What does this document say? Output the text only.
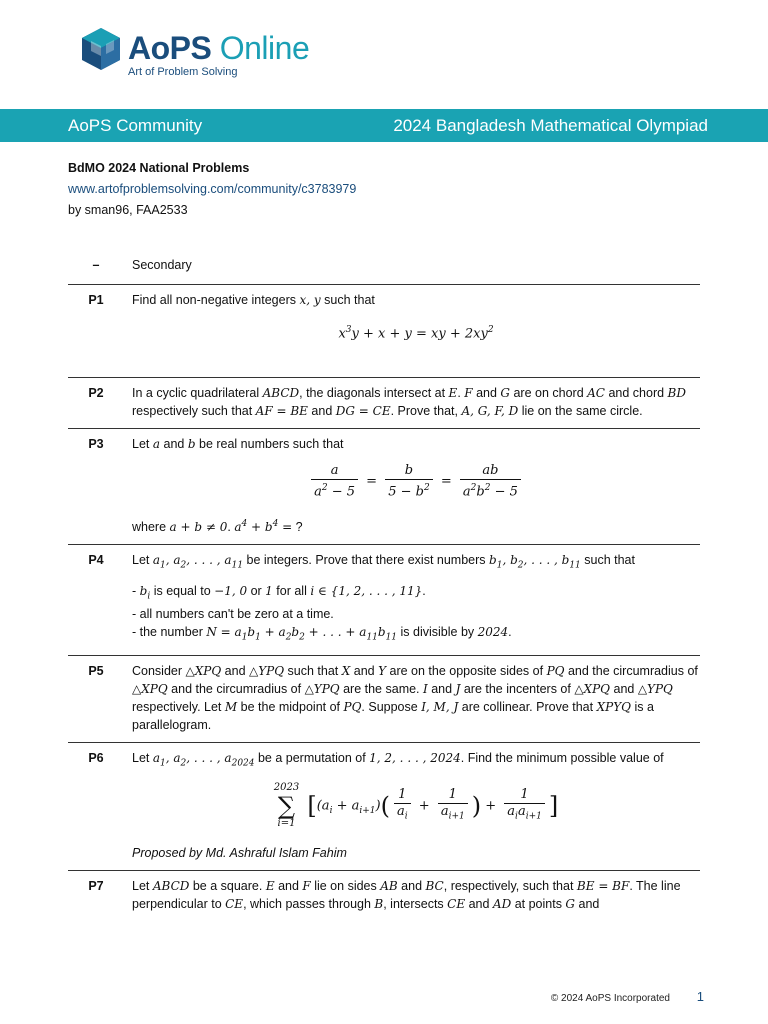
AoPS Online
Art of Problem Solving
AoPS Community	2024 Bangladesh Mathematical Olympiad
BdMO 2024 National Problems
www.artofproblemsolving.com/community/c3783979
by sman96, FAA2533
–	Secondary
P1	Find all non-negative integers x, y such that

$x^3y + x + y$ = xy + $2xy^2$
P2	In a cyclic quadrilateral ABCD, the diagonals intersect at E. F and G are on chord AC and chord BD respectively such that AF = BE and DG = CE. Prove that, A, G, F, D lie on the same circle.

P3	Let a and b be real numbers such that

$\frac{a}{a^2 - 5} = \frac{b}{5 - b^2} = \frac{ab}{a^2b^2 - 5}$

where a + b ≠ 0. $a^4 + b^4$ = ?

P4	Let $a_1$, $a_2$, . . . , $a_{11}$ be integers. Prove that there exist numbers $b_1$, $b_2$, . . . , $b_{11}$ such that

- $b_i$ is equal to −1, 0 or 1 for all i ∈ {1, 2, . . . , 11}.

- all numbers can't be zero at a time.

- the number $N = a_1b_1 + a_2b_2$ + . . . + $a_{11}b_{11}$ is divisible by 2024.

P5	Consider △XPQ and △YPQ such that X and Y are on the opposite sides of PQ and the circumradius of △XPQ and the circumradius of △YPQ are the same. I and J are the incenters of △XPQ and △YPQ respectively. Let M be the midpoint of PQ. Suppose I, M, J are collinear. Prove that XPYQ is a parallelogram.

P6	Let $a_1$, $a_2$, . . . , $a_{2024}$ be a permutation of 1, 2, . . . , 2024. Find the minimum possible value of

2023
∑
i=1 [$(a_i + a_{i+1})( \frac{1}{a_i} + \frac{1}{a_{i+1}}$ ) + $\frac{1}{a_ia_{i+1}}$ ]

Proposed by Md. Ashraful Islam Fahim

P7	Let ABCD be a square. E and F lie on sides AB and BC, respectively, such that BE = BF. The line perpendicular to CE, which passes through B, intersects CE and AD at points G and

© 2024 AoPS Incorporated 1
